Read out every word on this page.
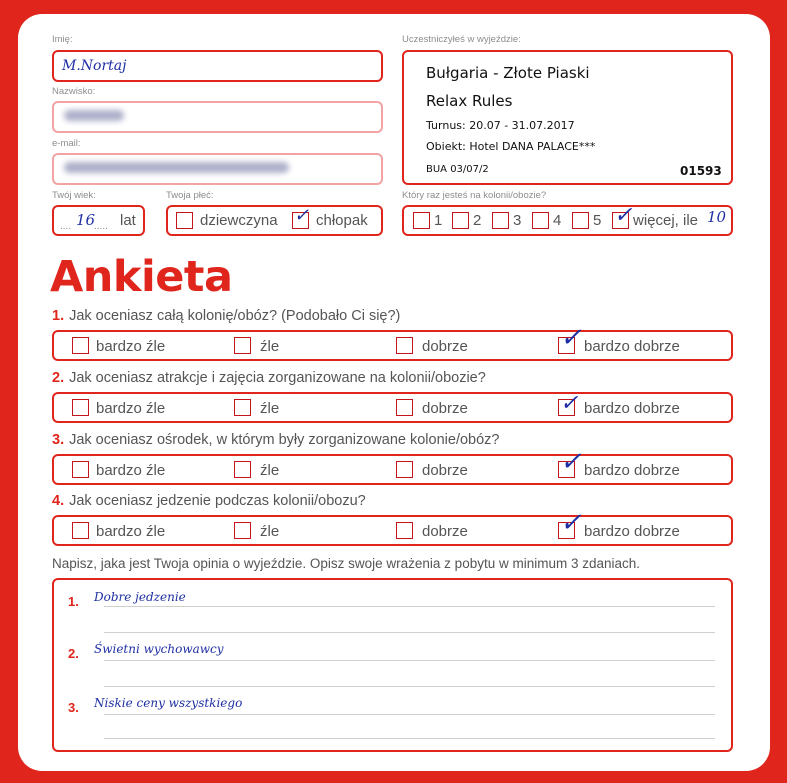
Imię:
M.Nortaj
Nazwisko:
e-mail:
Twój wiek:
.... 16
..... lat
Twoja płeć:
dziewczyna ✓ chłopak
Uczestniczyłeś w wyjeździe:
Bułgaria - Złote Piaski
Relax Rules
Turnus: 20.07 - 31.07.2017
Obiekt: Hotel DANA PALACE***
BUA 03/07/2	01593
Który raz jesteś na kolonii/obozie?
1 2 3 4 5 ✓ więcej, ile 10
Ankieta
1. Jak oceniasz całą kolonię/obóz? (Podobało Ci się?)
bardzo źle	źle	dobrze	✓ bardzo dobrze
2. Jak oceniasz atrakcje i zajęcia zorganizowane na kolonii/obozie?
bardzo źle	źle	dobrze	✓ bardzo dobrze
3. Jak oceniasz ośrodek, w którym były zorganizowane kolonie/obóz?
bardzo źle	źle	dobrze	✓ bardzo dobrze
4. Jak oceniasz jedzenie podczas kolonii/obozu?
bardzo źle	źle	dobrze	✓ bardzo dobrze
Napisz, jaka jest Twoja opinia o wyjeździe. Opisz swoje wrażenia z pobytu w minimum 3 zdaniach.
1. Dobre jedzenie
2. Świetni wychowawcy
3. Niskie ceny wszystkiego
